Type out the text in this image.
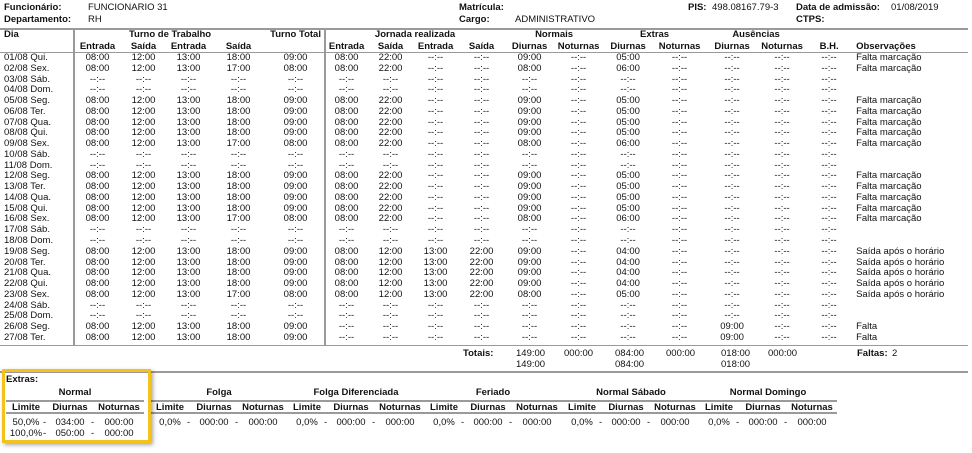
Funcionário:	FUNCIONARIO 31
Departamento: RH
Matrícula:
Cargo:	ADMINISTRATIVO
PIS: 498.08167.79-3 Data de admissão: 01/08/2019
CTPS:
Dia	Turno de Trabalho				Turno Total	Jornada realizada				Normais		Extras		Ausências			
	Entrada	Saída	Entrada	Saída		Entrada	Saída	Entrada	Saída	Diurnas	Noturnas	Diurnas	Noturnas	Diurnas	Noturnas	B.H.	Observações
01/08 Qui.	08:00	12:00	13:00	18:00	09:00	08:00	22:00	--:--	--:--	09:00	--:--	05:00	--:--	--:--	--:--	--:--	Falta marcação
02/08 Sex.	08:00	12:00	13:00	17:00	08:00	08:00	22:00	--:--	--:--	08:00	--:--	06:00	--:--	--:--	--:--	--:--	Falta marcação
03/08 Sáb.	--:--	--:--	--:--	--:--	--:--	--:--	--:--	--:--	--:--	--:--	--:--	--:--	--:--	--:--	--:--	--:--	
04/08 Dom.	--:--	--:--	--:--	--:--	--:--	--:--	--:--	--:--	--:--	--:--	--:--	--:--	--:--	--:--	--:--	--:--	
05/08 Seg.	08:00	12:00	13:00	18:00	09:00	08:00	22:00	--:--	--:--	09:00	--:--	05:00	--:--	--:--	--:--	--:--	Falta marcação
06/08 Ter.	08:00	12:00	13:00	18:00	09:00	08:00	22:00	--:--	--:--	09:00	--:--	05:00	--:--	--:--	--:--	--:--	Falta marcação
07/08 Qua.	08:00	12:00	13:00	18:00	09:00	08:00	22:00	--:--	--:--	09:00	--:--	05:00	--:--	--:--	--:--	--:--	Falta marcação
08/08 Qui.	08:00	12:00	13:00	18:00	09:00	08:00	22:00	--:--	--:--	09:00	--:--	05:00	--:--	--:--	--:--	--:--	Falta marcação
09/08 Sex.	08:00	12:00	13:00	17:00	08:00	08:00	22:00	--:--	--:--	08:00	--:--	06:00	--:--	--:--	--:--	--:--	Falta marcação
10/08 Sáb.	--:--	--:--	--:--	--:--	--:--	--:--	--:--	--:--	--:--	--:--	--:--	--:--	--:--	--:--	--:--	--:--	
11/08 Dom.	--:--	--:--	--:--	--:--	--:--	--:--	--:--	--:--	--:--	--:--	--:--	--:--	--:--	--:--	--:--	--:--	
12/08 Seg.	08:00	12:00	13:00	18:00	09:00	08:00	22:00	--:--	--:--	09:00	--:--	05:00	--:--	--:--	--:--	--:--	Falta marcação
13/08 Ter.	08:00	12:00	13:00	18:00	09:00	08:00	22:00	--:--	--:--	09:00	--:--	05:00	--:--	--:--	--:--	--:--	Falta marcação
14/08 Qua.	08:00	12:00	13:00	18:00	09:00	08:00	22:00	--:--	--:--	09:00	--:--	05:00	--:--	--:--	--:--	--:--	Falta marcação
15/08 Qui.	08:00	12:00	13:00	18:00	09:00	08:00	22:00	--:--	--:--	09:00	--:--	05:00	--:--	--:--	--:--	--:--	Falta marcação
16/08 Sex.	08:00	12:00	13:00	17:00	08:00	08:00	22:00	--:--	--:--	08:00	--:--	06:00	--:--	--:--	--:--	--:--	Falta marcação
17/08 Sáb.	--:--	--:--	--:--	--:--	--:--	--:--	--:--	--:--	--:--	--:--	--:--	--:--	--:--	--:--	--:--	--:--	
18/08 Dom.	--:--	--:--	--:--	--:--	--:--	--:--	--:--	--:--	--:--	--:--	--:--	--:--	--:--	--:--	--:--	--:--	
19/08 Seg.	08:00	12:00	13:00	18:00	09:00	08:00	12:00	13:00	22:00	09:00	--:--	04:00	--:--	--:--	--:--	--:--	Saída após o horário
20/08 Ter.	08:00	12:00	13:00	18:00	09:00	08:00	12:00	13:00	22:00	09:00	--:--	04:00	--:--	--:--	--:--	--:--	Saída após o horário
21/08 Qua.	08:00	12:00	13:00	18:00	09:00	08:00	12:00	13:00	22:00	09:00	--:--	04:00	--:--	--:--	--:--	--:--	Saída após o horário
22/08 Qui.	08:00	12:00	13:00	18:00	09:00	08:00	12:00	13:00	22:00	09:00	--:--	04:00	--:--	--:--	--:--	--:--	Saída após o horário
23/08 Sex.	08:00	12:00	13:00	17:00	08:00	08:00	12:00	13:00	22:00	08:00	--:--	05:00	--:--	--:--	--:--	--:--	Saída após o horário
24/08 Sáb.	--:--	--:--	--:--	--:--	--:--	--:--	--:--	--:--	--:--	--:--	--:--	--:--	--:--	--:--	--:--	--:--	
25/08 Dom.	--:--	--:--	--:--	--:--	--:--	--:--	--:--	--:--	--:--	--:--	--:--	--:--	--:--	--:--	--:--	--:--	
26/08 Seg.	08:00	12:00	13:00	18:00	09:00	--:--	--:--	--:--	--:--	--:--	--:--	--:--	--:--	09:00	--:--	--:--	Falta
27/08 Ter.	08:00	12:00	13:00	18:00	09:00	--:--	--:--	--:--	--:--	--:--	--:--	--:--	--:--	09:00	--:--	--:--	Falta
Totais: 149:00 000:00 084:00 000:00	018:00 000:00	Faltas: 2
149:00	084:00	018:00
Extras:
Normal
Limite	Diurnas	Noturnas
50,0% - 034:00 -	000:00
100,0% - 050:00 -	000:00
Folga
Limite	Diurnas	Noturnas
0,0% - 000:00 -	000:00
Folga Diferenciada
Limite	Diurnas	Noturnas
0,0% - 000:00 -	000:00
Feriado
Limite	Diurnas	Noturnas
0,0% - 000:00 -	000:00
Normal Sábado
Limite	Diurnas	Noturnas
0,0% - 000:00 -	000:00
Normal Domingo
Limite	Diurnas	Noturnas
0,0% - 000:00 -	000:00
